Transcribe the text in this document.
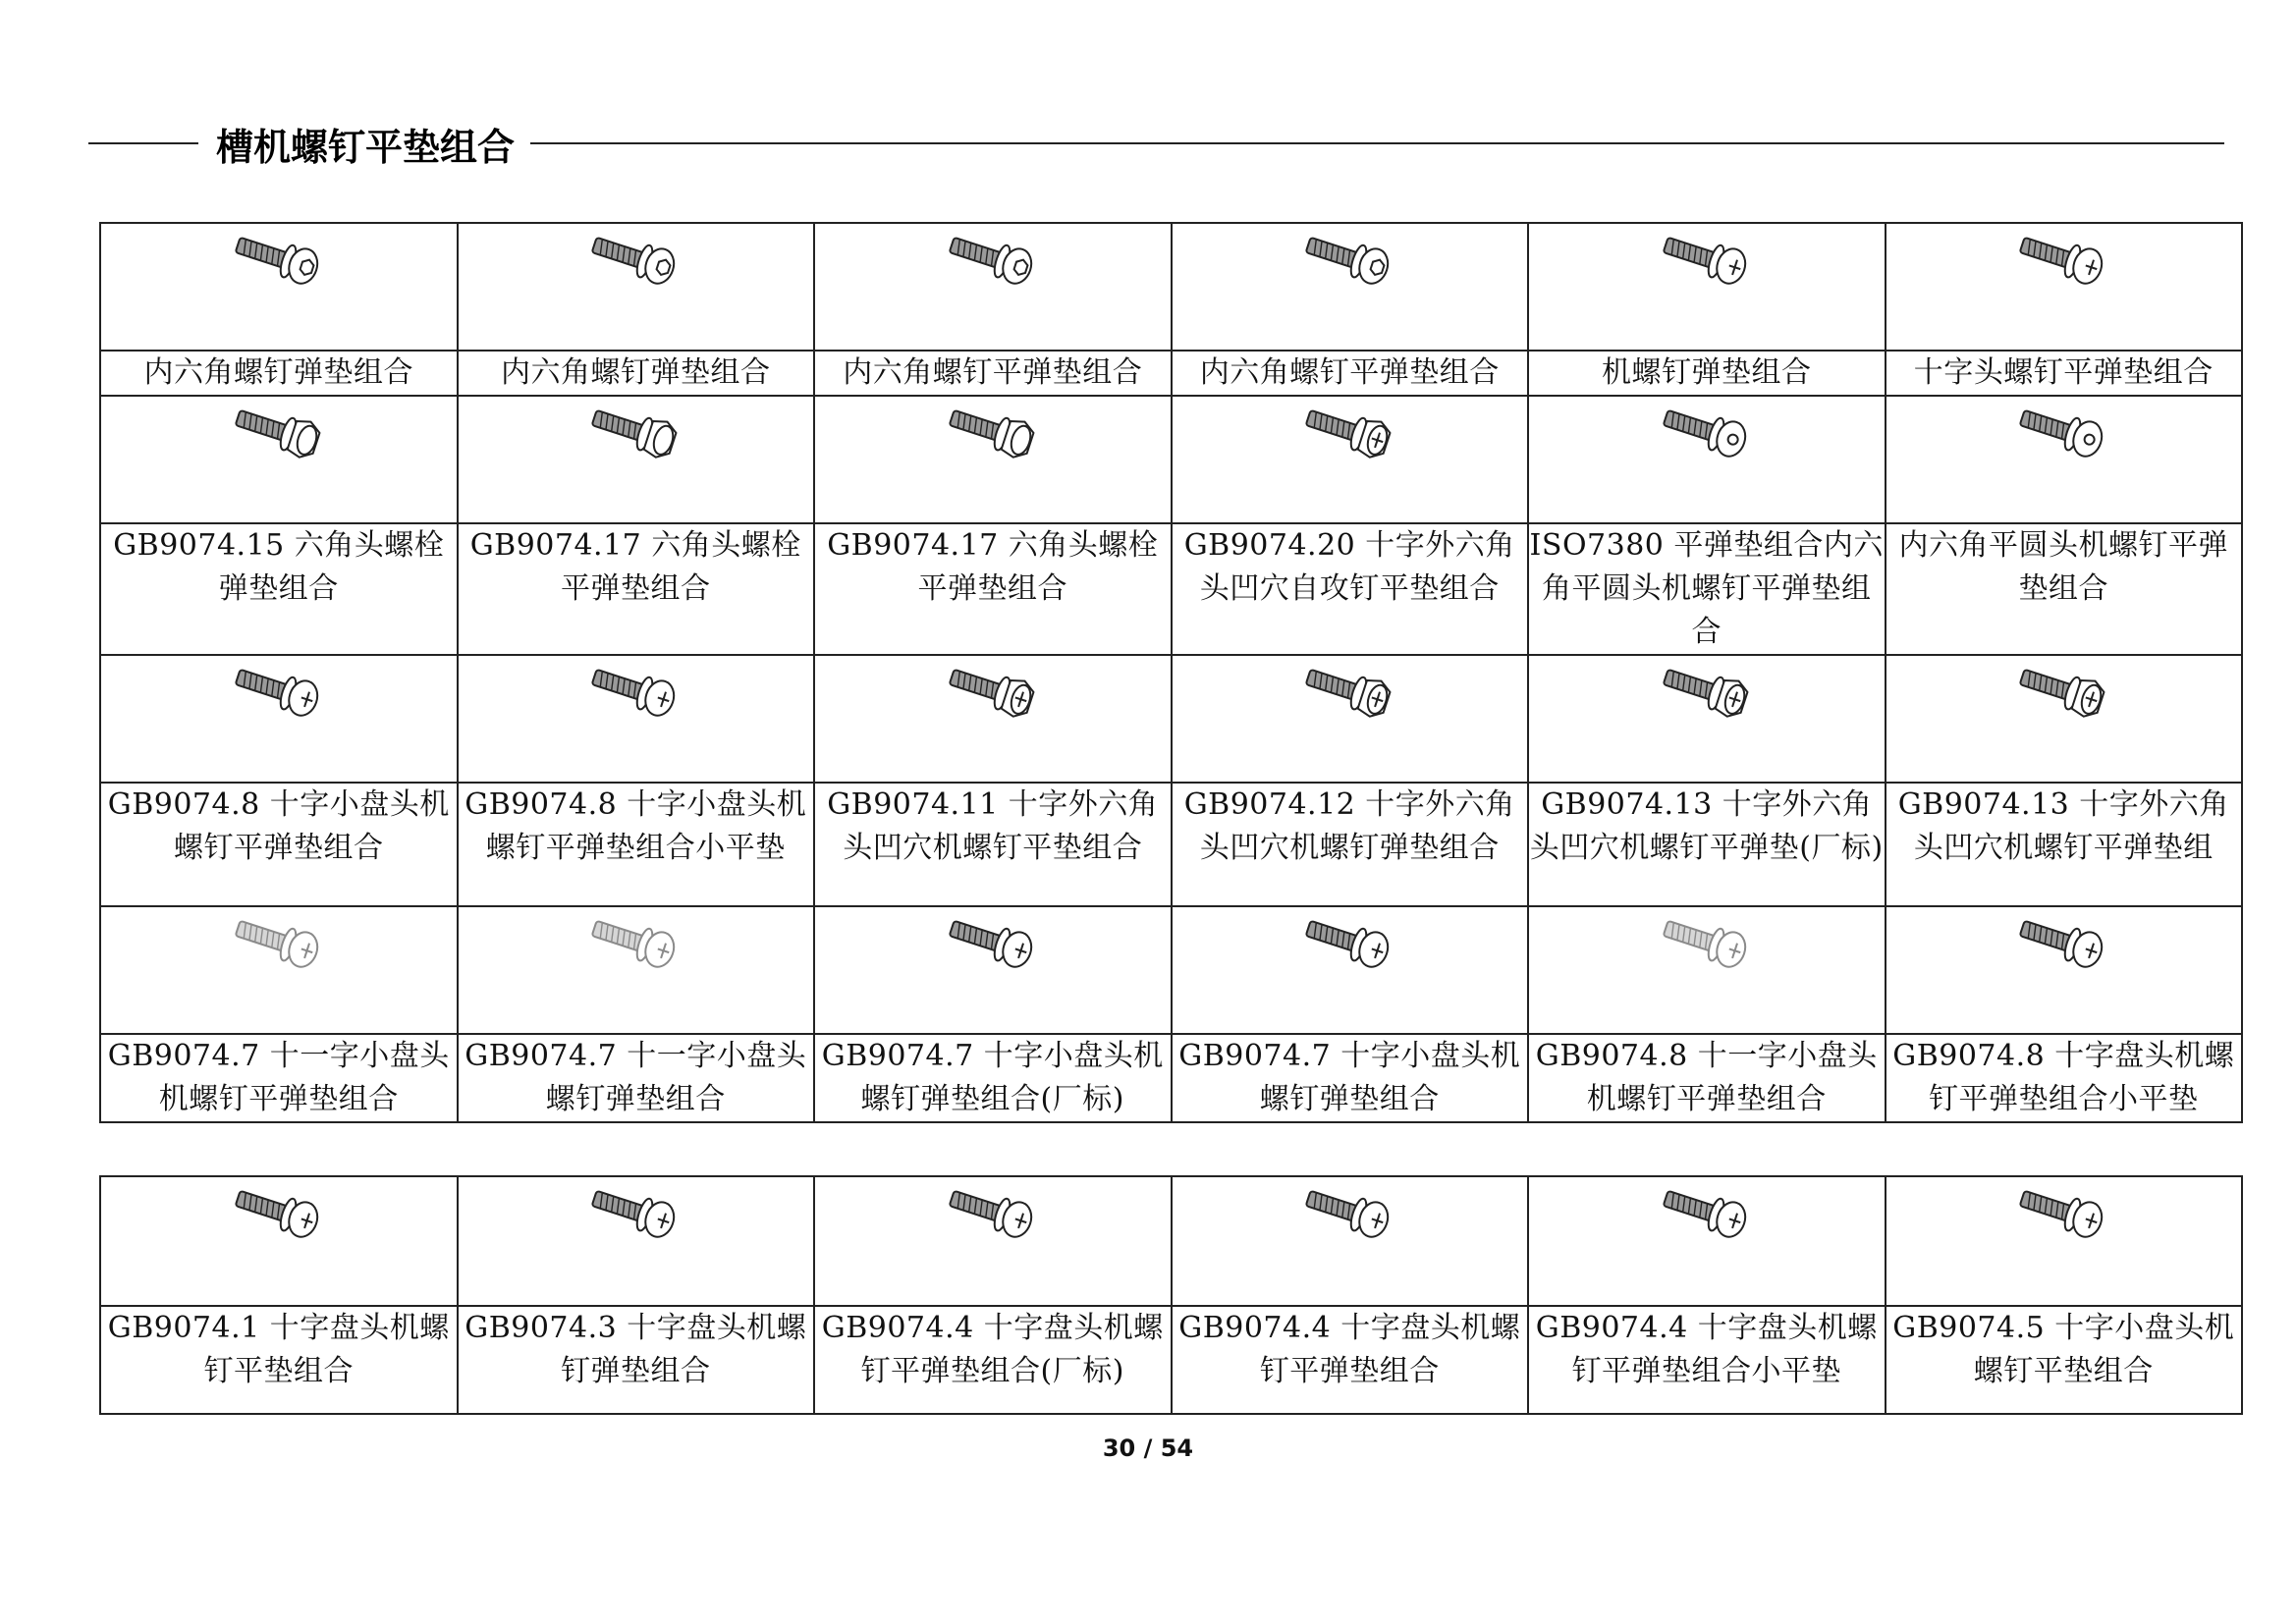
槽机螺钉平垫组合

内六角螺钉弹垫组合	内六角螺钉弹垫组合	内六角螺钉平弹垫组合	内六角螺钉平弹垫组合	机螺钉弹垫组合	十字头螺钉平弹垫组合

GB9074.15 六角头螺栓弹垫组合	GB9074.17 六角头螺栓平弹垫组合	GB9074.17 六角头螺栓平弹垫组合	GB9074.20 十字外六角头凹穴自攻钉平垫组合	ISO7380 平弹垫组合内六角平圆头机螺钉平弹垫组合	内六角平圆头机螺钉平弹垫组合

GB9074.8 十字小盘头机螺钉平弹垫组合	GB9074.8 十字小盘头机螺钉平弹垫组合小平垫	GB9074.11 十字外六角头凹穴机螺钉平垫组合	GB9074.12 十字外六角头凹穴机螺钉弹垫组合	GB9074.13 十字外六角头凹穴机螺钉平弹垫(厂标)	GB9074.13 十字外六角头凹穴机螺钉平弹垫组

GB9074.7 十一字小盘头机螺钉平弹垫组合	GB9074.7 十一字小盘头螺钉弹垫组合	GB9074.7 十字小盘头机螺钉弹垫组合(厂标)	GB9074.7 十字小盘头机螺钉弹垫组合	GB9074.8 十一字小盘头机螺钉平弹垫组合	GB9074.8 十字盘头机螺钉平弹垫组合小平垫

GB9074.1 十字盘头机螺钉平垫组合	GB9074.3 十字盘头机螺钉弹垫组合	GB9074.4 十字盘头机螺钉平弹垫组合(厂标)	GB9074.4 十字盘头机螺钉平弹垫组合	GB9074.4 十字盘头机螺钉平弹垫组合小平垫	GB9074.5 十字小盘头机螺钉平垫组合
30 / 54
